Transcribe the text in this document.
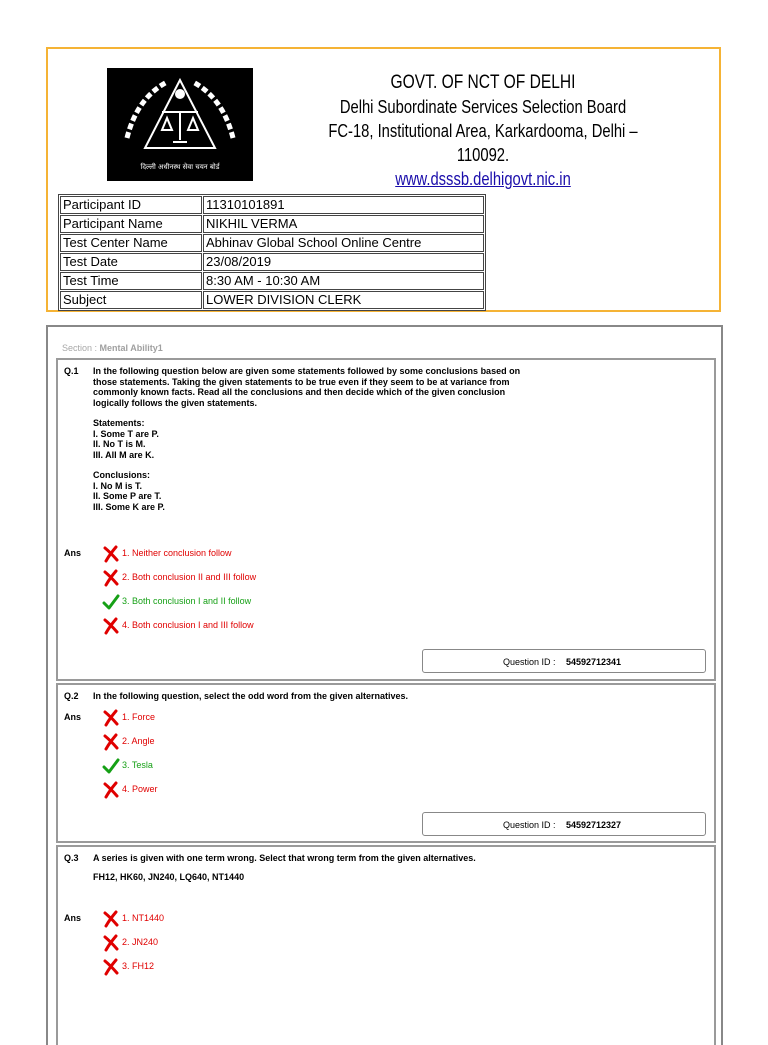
दिल्ली अधीनस्थ सेवा चयन बोर्ड
GOVT. OF NCT OF DELHI
Delhi Subordinate Services Selection Board
FC-18, Institutional Area, Karkardooma, Delhi – 110092.
www.dsssb.delhigovt.nic.in
Participant ID	11310101891
Participant Name	NIKHIL VERMA
Test Center Name	Abhinav Global School Online Centre
Test Date	23/08/2019
Test Time	8:30 AM - 10:30 AM
Subject	LOWER DIVISION CLERK
Section : Mental Ability1
Q.1 In the following question below are given some statements followed by some conclusions based on those statements. Taking the given statements to be true even if they seem to be at variance from commonly known facts. Read all the conclusions and then decide which of the given conclusion logically follows the given statements.

Statements:

I. Some T are P.

II. No T is M.

III. All M are K.

Conclusions:

I. No M is T.

II. Some P are T.

III. Some K are P.

Ans	1. Neither conclusion follow
2. Both conclusion II and III follow
3. Both conclusion I and II follow
4. Both conclusion I and III follow
Question ID : 54592712341
Q.2 In the following question, select the odd word from the given alternatives.

Ans	1. Force
2. Angle
3. Tesla
4. Power
Question ID : 54592712327
Q.3 A series is given with one term wrong. Select that wrong term from the given alternatives.

FH12, HK60, JN240, LQ640, NT1440

Ans	1. NT1440
2. JN240
3. FH12
